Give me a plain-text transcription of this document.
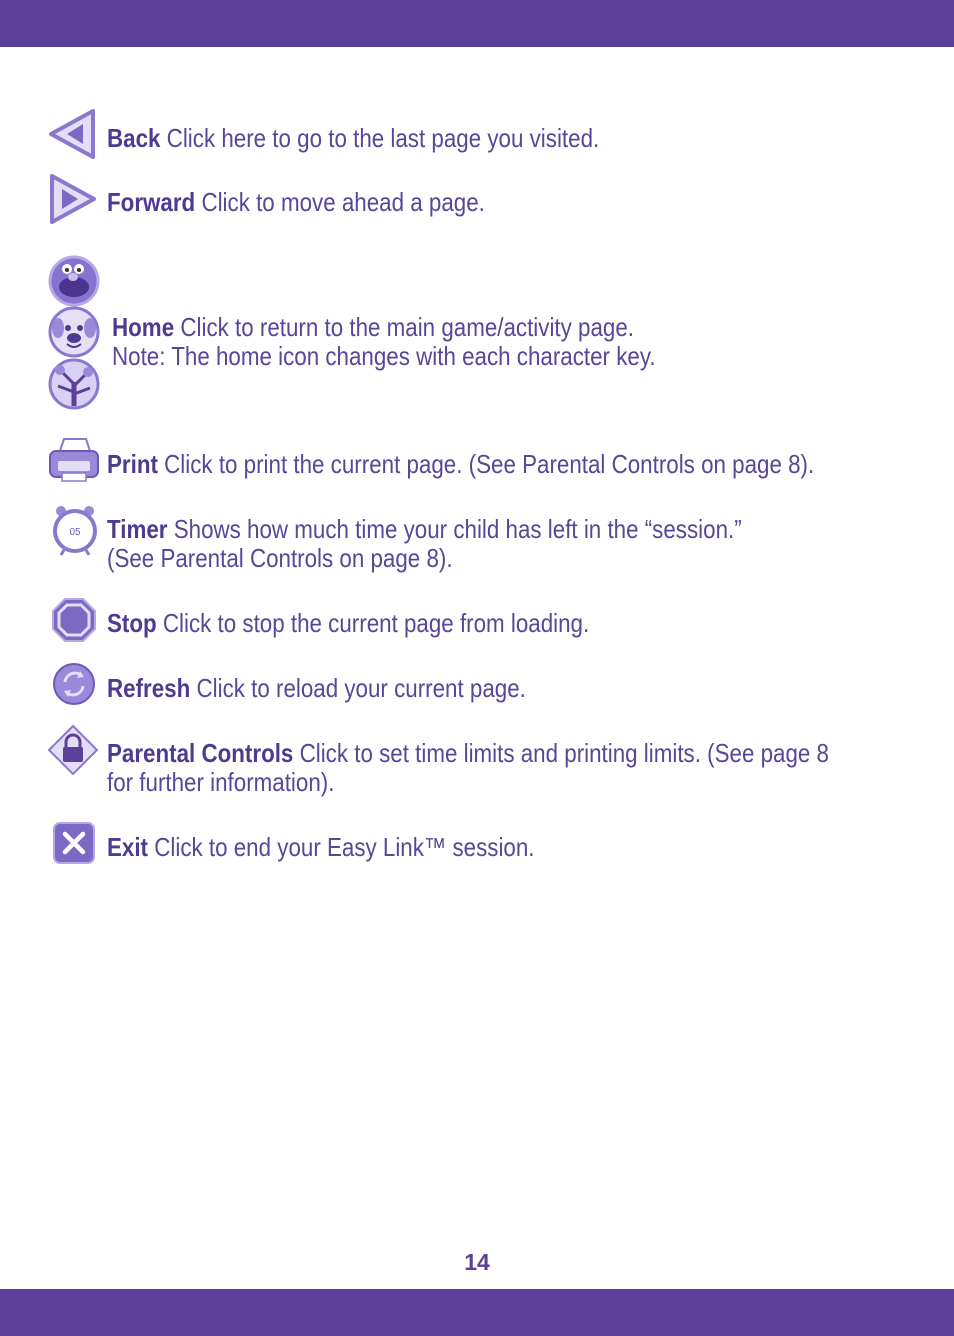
Back Click here to go to the last page you visited.
Forward Click to move ahead a page.
Home Click to return to the main game/activity page.
Note: The home icon changes with each character key.
Print Click to print the current page. (See Parental Controls on page 8).
05 Timer Shows how much time your child has left in the “session.”
(See Parental Controls on page 8).
Stop Click to stop the current page from loading.
Refresh Click to reload your current page.
Parental Controls Click to set time limits and printing limits. (See page 8
for further information).
Exit Click to end your Easy Link™ session.
14
